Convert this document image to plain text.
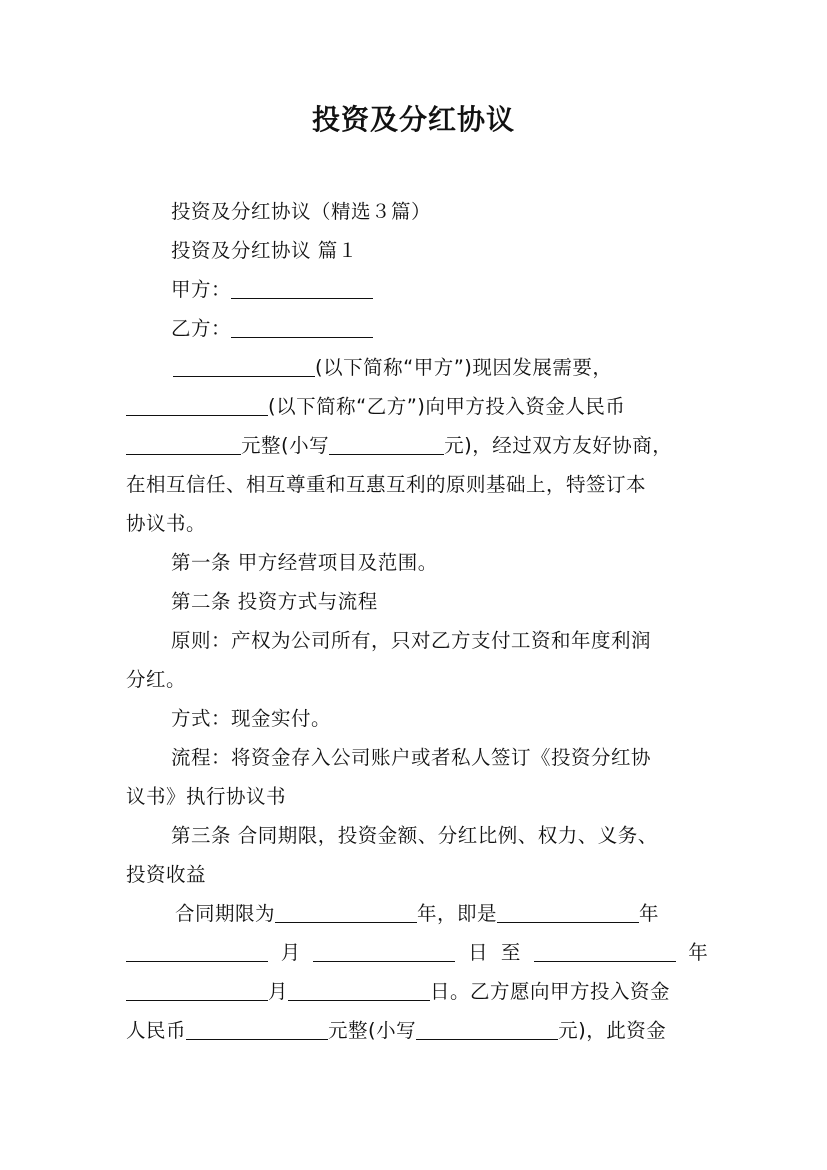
投资及分红协议

投资及分红协议（精选３篇）

投资及分红协议 篇１

甲方：

乙方：

(以下简称“甲方”)现因发展需要，
(以下简称“乙方”)向甲方投入资金人民币
元整(小写	元)，经过双方友好协商，
在相互信任、相互尊重和互惠互利的原则基础上，特签订本
协议书。

第一条 甲方经营项目及范围。

第二条 投资方式与流程

原则：产权为公司所有，只对乙方支付工资和年度利润
分红。

方式：现金实付。

流程：将资金存入公司账户或者私人签订《投资分红协
议书》执行协议书

第三条 合同期限，投资金额、分红比例、权力、义务、
投资收益

合同期限为	年，即是	年
月	日 至	年
月	日。乙方愿向甲方投入资金
人民币	元整(小写	元)，此资金
